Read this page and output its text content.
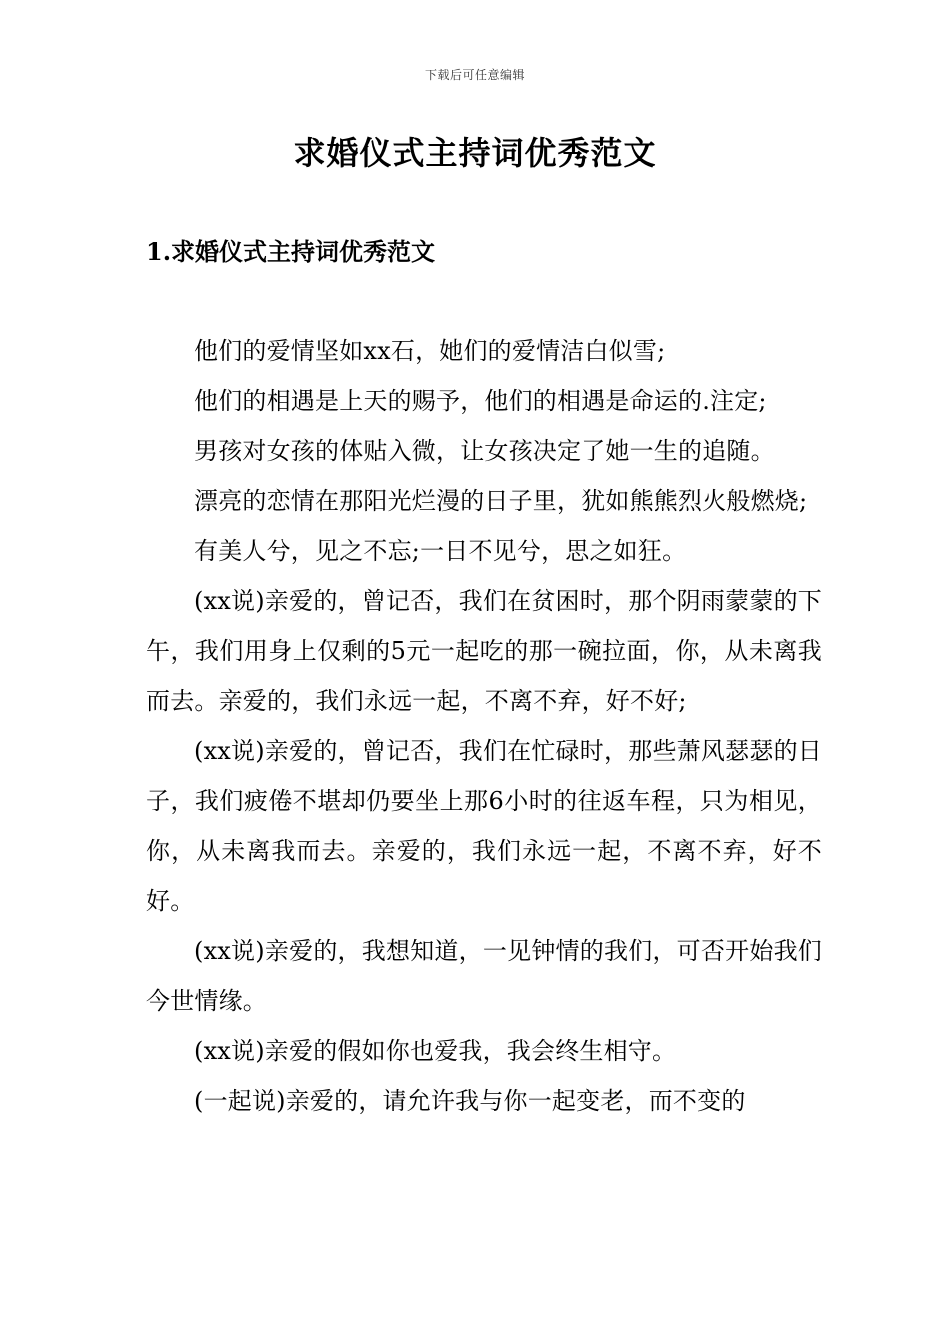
下载后可任意编辑
求婚仪式主持词优秀范文
1.求婚仪式主持词优秀范文

他们的爱情坚如xx石，她们的爱情洁白似雪;

他们的相遇是上天的赐予，他们的相遇是命运的.注定;

男孩对女孩的体贴入微，让女孩决定了她一生的追随。

漂亮的恋情在那阳光烂漫的日子里，犹如熊熊烈火般燃烧;

有美人兮，见之不忘;一日不见兮，思之如狂。

(xx说)亲爱的，曾记否，我们在贫困时，那个阴雨蒙蒙的下午，我们用身上仅剩的5元一起吃的那一碗拉面，你，从未离我而去。亲爱的，我们永远一起，不离不弃，好不好;

(xx说)亲爱的，曾记否，我们在忙碌时，那些萧风瑟瑟的日子，我们疲倦不堪却仍要坐上那6小时的往返车程，只为相见，你，从未离我而去。亲爱的，我们永远一起，不离不弃，好不好。

(xx说)亲爱的，我想知道，一见钟情的我们，可否开始我们今世情缘。

(xx说)亲爱的假如你也爱我，我会终生相守。

(一起说)亲爱的，请允许我与你一起变老，而不变的
